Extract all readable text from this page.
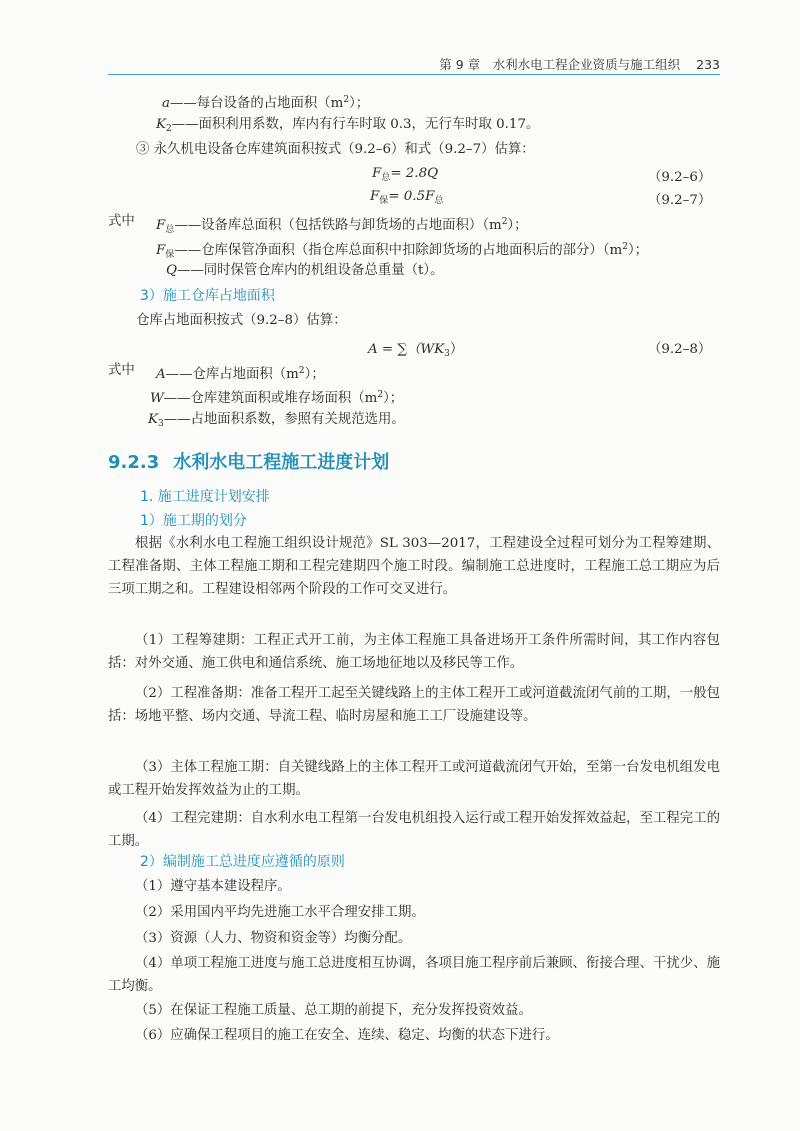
第 9 章　水利水电工程企业资质与施工组织 233
a——每台设备的占地面积$(m^2)$；
$K_2——$面积利用系数，库内有行车时取 0.3，无行车时取 0.17。
③ 永久机电设备仓库建筑面积按式（9.2–6）和式（9.2–7）估算：
$F_总= 2.8Q$	（9.2–6）
$F_保= 0.5F_总$	（9.2–7）
式中 $F_总——$设备库总面积（包括铁路与卸货场的占地面积）$(m^2)$；
$F_保——$仓库保管净面积（指仓库总面积中扣除卸货场的占地面积后的部分）$(m^2)$；
Q——同时保管仓库内的机组设备总重量（t）。
3）施工仓库占地面积
仓库占地面积按式（9.2–8）估算：
$A = \sum(WK_3)$	（9.2–8）
式中 A——仓库占地面积$(m^2)$；
W——仓库建筑面积或堆存场面积$(m^2)$；
$K_3——$占地面积系数，参照有关规范选用。
9.2.3 水利水电工程施工进度计划
1. 施工进度计划安排
1）施工期的划分
根据《水利水电工程施工组织设计规范》SL 303—2017，工程建设全过程可划分为工程筹建期、工程准备期、主体工程施工期和工程完建期四个施工时段。编制施工总进度时，工程施工总工期应为后三项工期之和。工程建设相邻两个阶段的工作可交叉进行。
（1）工程筹建期：工程正式开工前，为主体工程施工具备进场开工条件所需时间，其工作内容包括：对外交通、施工供电和通信系统、施工场地征地以及移民等工作。
（2）工程准备期：准备工程开工起至关键线路上的主体工程开工或河道截流闭气前的工期，一般包括：场地平整、场内交通、导流工程、临时房屋和施工工厂设施建设等。
（3）主体工程施工期：自关键线路上的主体工程开工或河道截流闭气开始，至第一台发电机组发电或工程开始发挥效益为止的工期。
（4）工程完建期：自水利水电工程第一台发电机组投入运行或工程开始发挥效益起，至工程完工的工期。
2）编制施工总进度应遵循的原则
（1）遵守基本建设程序。
（2）采用国内平均先进施工水平合理安排工期。
（3）资源（人力、物资和资金等）均衡分配。
（4）单项工程施工进度与施工总进度相互协调，各项目施工程序前后兼顾、衔接合理、干扰少、施工均衡。
（5）在保证工程施工质量、总工期的前提下，充分发挥投资效益。
（6）应确保工程项目的施工在安全、连续、稳定、均衡的状态下进行。
